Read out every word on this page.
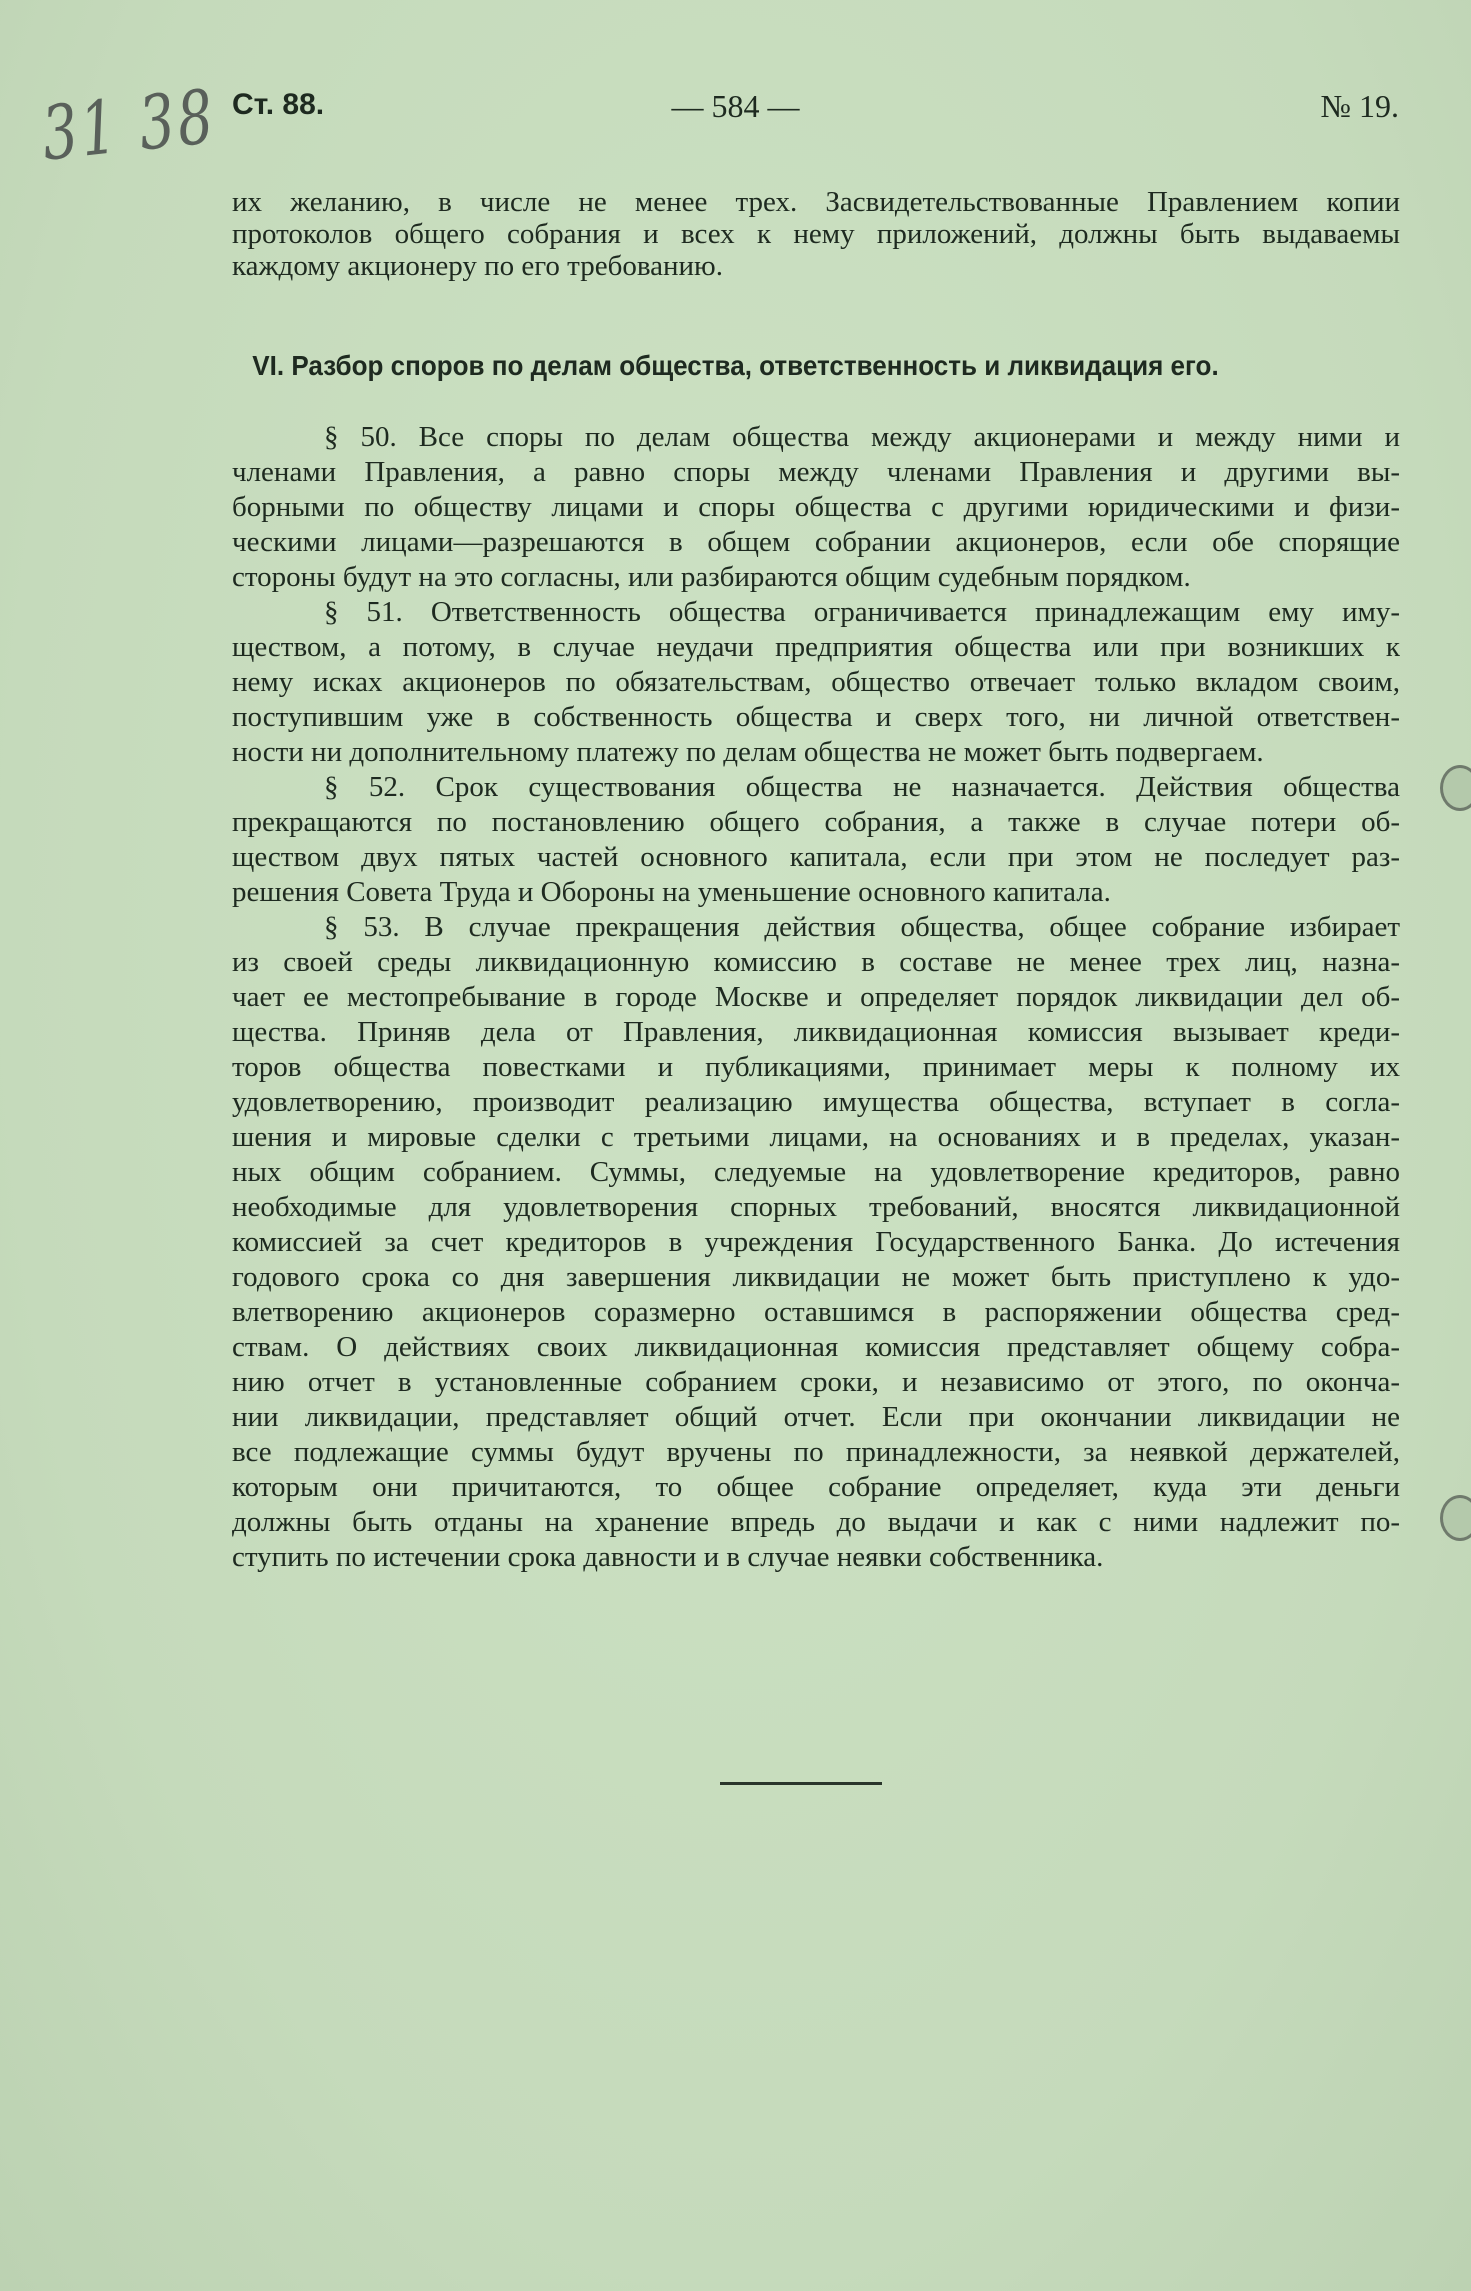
31 38 Ст. 88.	— 584 —	№ 19.
их желанию, в числе не менее трех. Засвидетельствованные Правлением копии
протоколов общего собрания и всех к нему приложений, должны быть выдаваемы
каждому акционеру по его требованию.
VI. Разбор споров по делам общества, ответственность и ликвидация его.
§ 50. Все споры по делам общества между акционерами и между ними и
членами Правления, а равно споры между членами Правления и другими вы-
борными по обществу лицами и споры общества с другими юридическими и физи-
ческими лицами—разрешаются в общем собрании акционеров, если обе спорящие
стороны будут на это согласны, или разбираются общим судебным порядком.
§ 51. Ответственность общества ограничивается принадлежащим ему иму-
ществом, а потому, в случае неудачи предприятия общества или при возникших к
нему исках акционеров по обязательствам, общество отвечает только вкладом своим,
поступившим уже в собственность общества и сверх того, ни личной ответствен-
ности ни дополнительному платежу по делам общества не может быть подвергаем.
§ 52. Срок существования общества не назначается. Действия общества
прекращаются по постановлению общего собрания, а также в случае потери об-
ществом двух пятых частей основного капитала, если при этом не последует раз-
решения Совета Труда и Обороны на уменьшение основного капитала.
§ 53. В случае прекращения действия общества, общее собрание избирает
из своей среды ликвидационную комиссию в составе не менее трех лиц, назна-
чает ее местопребывание в городе Москве и определяет порядок ликвидации дел об-
щества. Приняв дела от Правления, ликвидационная комиссия вызывает креди-
торов общества повестками и публикациями, принимает меры к полному их
удовлетворению, производит реализацию имущества общества, вступает в согла-
шения и мировые сделки с третьими лицами, на основаниях и в пределах, указан-
ных общим собранием. Суммы, следуемые на удовлетворение кредиторов, равно
необходимые для удовлетворения спорных требований, вносятся ликвидационной
комиссией за счет кредиторов в учреждения Государственного Банка. До истечения
годового срока со дня завершения ликвидации не может быть приступлено к удо-
влетворению акционеров соразмерно оставшимся в распоряжении общества сред-
ствам. О действиях своих ликвидационная комиссия представляет общему собра-
нию отчет в установленные собранием сроки, и независимо от этого, по оконча-
нии ликвидации, представляет общий отчет. Если при окончании ликвидации не
все подлежащие суммы будут вручены по принадлежности, за неявкой держателей,
которым они причитаются, то общее собрание определяет, куда эти деньги
должны быть отданы на хранение впредь до выдачи и как с ними надлежит по-
ступить по истечении срока давности и в случае неявки собственника.
